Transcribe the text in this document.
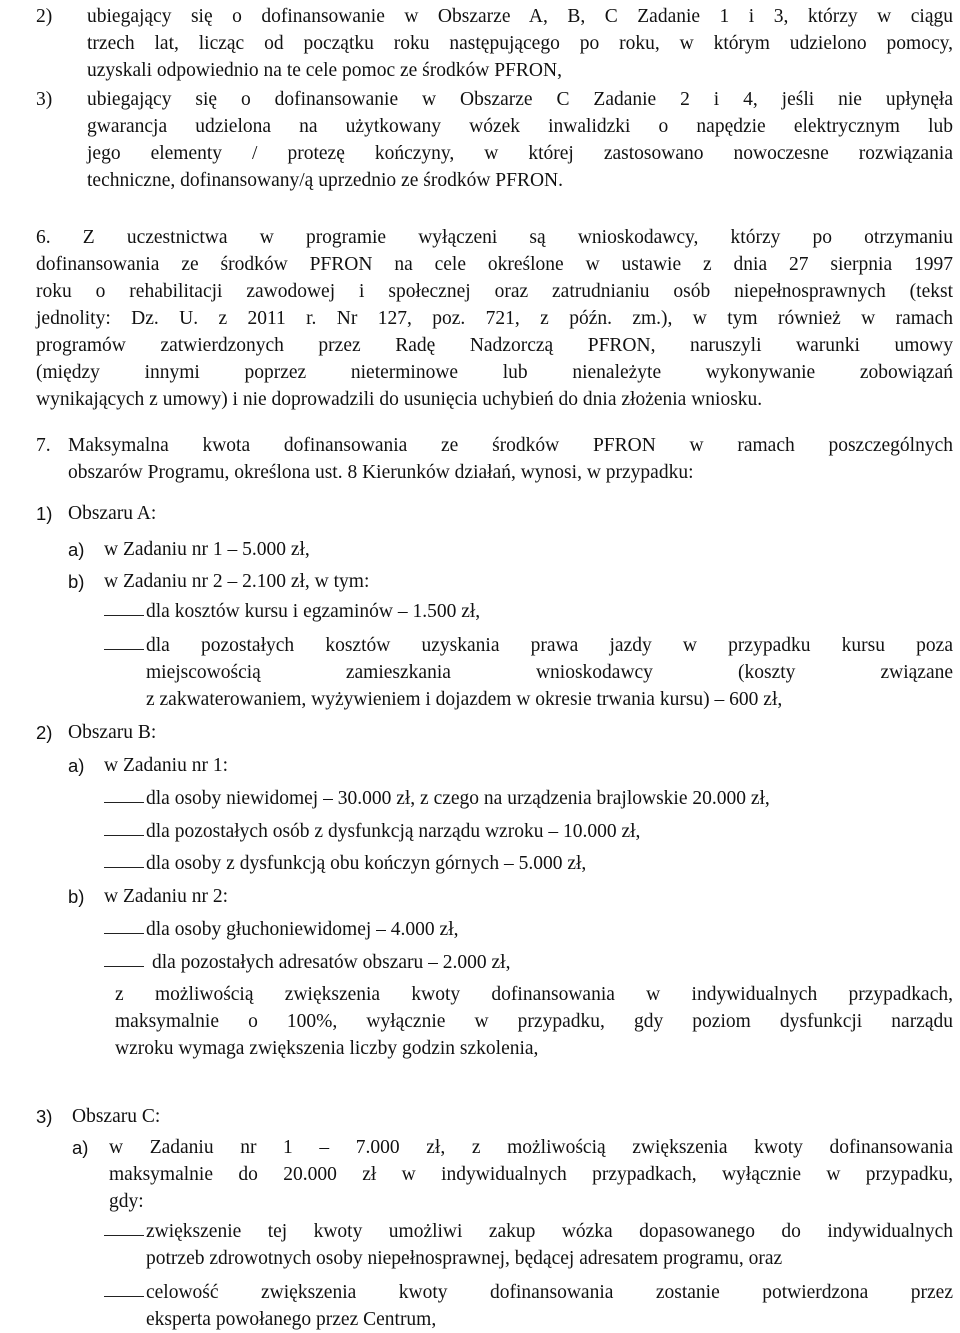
2) ubiegający się o dofinansowanie w Obszarze A, B, C Zadanie 1 i 3, którzy w ciągu
trzech lat, licząc od początku roku następującego po roku, w którym udzielono pomocy,
uzyskali odpowiednio na te cele pomoc ze środków PFRON,
3) ubiegający się o dofinansowanie w Obszarze C Zadanie 2 i 4, jeśli nie upłynęła
gwarancja udzielona na użytkowany wózek inwalidzki o napędzie elektrycznym lub
jego elementy / protezę kończyny, w której zastosowano nowoczesne rozwiązania
techniczne, dofinansowany/ą uprzednio ze środków PFRON.
6. Z uczestnictwa w programie wyłączeni są wnioskodawcy, którzy po otrzymaniu
dofinansowania ze środków PFRON na cele określone w ustawie z dnia 27 sierpnia 1997
roku o rehabilitacji zawodowej i społecznej oraz zatrudnianiu osób niepełnosprawnych (tekst
jednolity: Dz. U. z 2011 r. Nr 127, poz. 721, z późn. zm.), w tym również w ramach
programów zatwierdzonych przez Radę Nadzorczą PFRON, naruszyli warunki umowy
(między innymi poprzez nieterminowe lub nienależyte wykonywanie zobowiązań
wynikających z umowy) i nie doprowadzili do usunięcia uchybień do dnia złożenia wniosku.
7. Maksymalna kwota dofinansowania ze środków PFRON w ramach poszczególnych
obszarów Programu, określona ust. 8 Kierunków działań, wynosi, w przypadku:
1) Obszaru A:
a) w Zadaniu nr 1 – 5.000 zł,
b) w Zadaniu nr 2 – 2.100 zł, w tym:
dla kosztów kursu i egzaminów – 1.500 zł,
dla pozostałych kosztów uzyskania prawa jazdy w przypadku kursu poza
miejscowością zamieszkania wnioskodawcy (koszty związane
z zakwaterowaniem, wyżywieniem i dojazdem w okresie trwania kursu) – 600 zł,
2) Obszaru B:
a) w Zadaniu nr 1:
dla osoby niewidomej – 30.000 zł, z czego na urządzenia brajlowskie 20.000 zł,
dla pozostałych osób z dysfunkcją narządu wzroku – 10.000 zł,
dla osoby z dysfunkcją obu kończyn górnych – 5.000 zł,
b) w Zadaniu nr 2:
dla osoby głuchoniewidomej – 4.000 zł,
dla pozostałych adresatów obszaru – 2.000 zł,
z możliwością zwiększenia kwoty dofinansowania w indywidualnych przypadkach,
maksymalnie o 100%, wyłącznie w przypadku, gdy poziom dysfunkcji narządu
wzroku wymaga zwiększenia liczby godzin szkolenia,
3) Obszaru C:
a) w Zadaniu nr 1 – 7.000 zł, z możliwością zwiększenia kwoty dofinansowania
maksymalnie do 20.000 zł w indywidualnych przypadkach, wyłącznie w przypadku,
gdy:
zwiększenie tej kwoty umożliwi zakup wózka dopasowanego do indywidualnych
potrzeb zdrowotnych osoby niepełnosprawnej, będącej adresatem programu, oraz
celowość zwiększenia kwoty dofinansowania zostanie potwierdzona przez
eksperta powołanego przez Centrum,
